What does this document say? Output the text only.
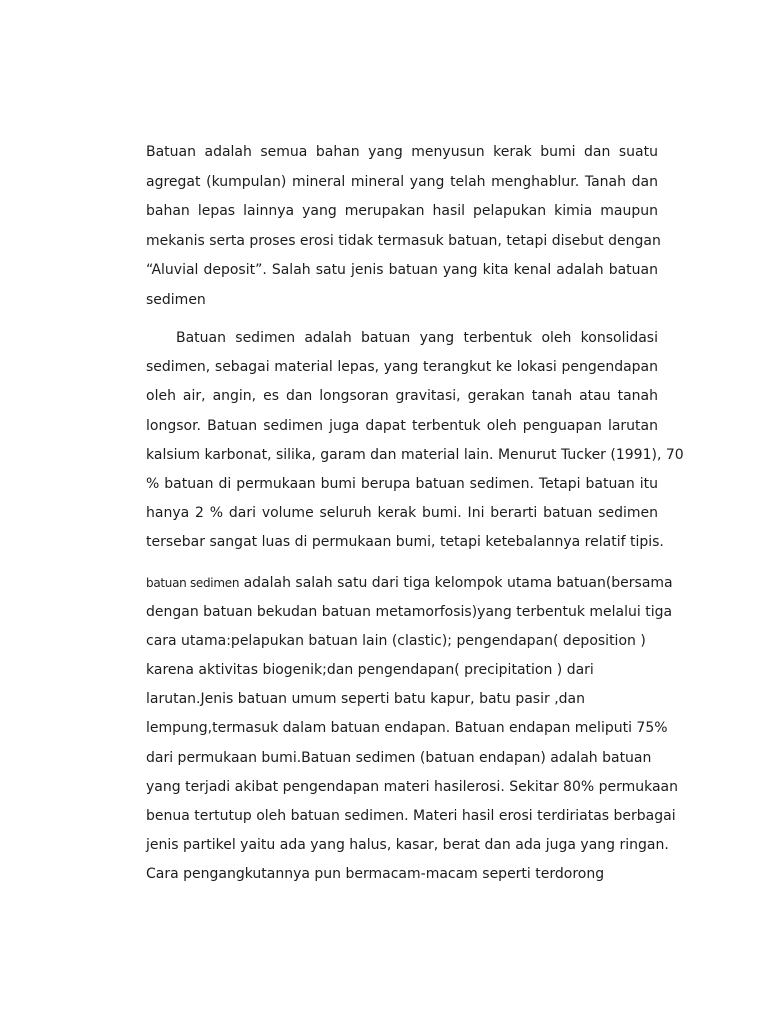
Batuan adalah semua bahan yang menyusun kerak bumi dan suatu
agregat (kumpulan) mineral mineral yang telah menghablur. Tanah dan
bahan lepas lainnya yang merupakan hasil pelapukan kimia maupun
mekanis serta proses erosi tidak termasuk batuan, tetapi disebut dengan
“Aluvial deposit”. Salah satu jenis batuan yang kita kenal adalah batuan
sedimen
Batuan sedimen adalah batuan yang terbentuk oleh konsolidasi
sedimen, sebagai material lepas, yang terangkut ke lokasi pengendapan
oleh air, angin, es dan longsoran gravitasi, gerakan tanah atau tanah
longsor. Batuan sedimen juga dapat terbentuk oleh penguapan larutan
kalsium karbonat, silika, garam dan material lain. Menurut Tucker (1991), 70
% batuan di permukaan bumi berupa batuan sedimen. Tetapi batuan itu
hanya 2 % dari volume seluruh kerak bumi. Ini berarti batuan sedimen
tersebar sangat luas di permukaan bumi, tetapi ketebalannya relatif tipis.
batuan sedimen adalah salah satu dari tiga kelompok utama batuan(bersama
dengan batuan bekudan batuan metamorfosis)yang terbentuk melalui tiga
cara utama:pelapukan batuan lain (clastic); pengendapan( deposition )
karena aktivitas biogenik;dan pengendapan( precipitation ) dari
larutan.Jenis batuan umum seperti batu kapur, batu pasir ,dan
lempung,termasuk dalam batuan endapan. Batuan endapan meliputi 75%
dari permukaan bumi.Batuan sedimen (batuan endapan) adalah batuan
yang terjadi akibat pengendapan materi hasilerosi. Sekitar 80% permukaan
benua tertutup oleh batuan sedimen. Materi hasil erosi terdiriatas berbagai
jenis partikel yaitu ada yang halus, kasar, berat dan ada juga yang ringan.
Cara pengangkutannya pun bermacam-macam seperti terdorong
